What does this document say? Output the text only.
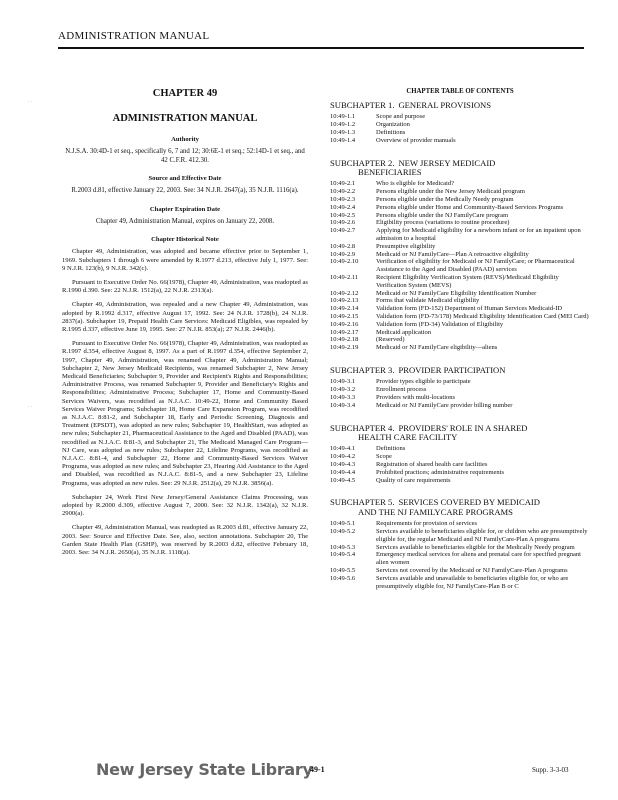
ADMINISTRATION MANUAL
· ·
· ·
CHAPTER 49
ADMINISTRATION MANUAL
Authority
N.J.S.A. 30:4D-1 et seq., specifically 6, 7 and 12; 30:6E-1 et seq.; 52:14D-1 et seq., and 42 C.F.R. 412.30.
Source and Effective Date
R.2003 d.81, effective January 22, 2003. See: 34 N.J.R. 2647(a), 35 N.J.R. 1116(a).
Chapter Expiration Date
Chapter 49, Administration Manual, expires on January 22, 2008.
Chapter Historical Note
Chapter 49, Administration, was adopted and became effective prior to September 1, 1969. Subchapters 1 through 6 were amended by R.1977 d.213, effective July 1, 1977. See: 9 N.J.R. 123(b), 9 N.J.R. 342(c).
Pursuant to Executive Order No. 66(1978), Chapter 49, Administration, was readopted as R.1990 d.390. See: 22 N.J.R. 1512(a), 22 N.J.R. 2313(a).
Chapter 49, Administration, was repealed and a new Chapter 49, Administration, was adopted by R.1992 d.317, effective August 17, 1992. See: 24 N.J.R. 1728(b), 24 N.J.R. 2837(a). Subchapter 19, Prepaid Health Care Services: Medicaid Eligibles, was repealed by R.1995 d.337, effective June 19, 1995. See: 27 N.J.R. 853(a); 27 N.J.R. 2446(b).
Pursuant to Executive Order No. 66(1978), Chapter 49, Administration, was readopted as R.1997 d.354, effective August 8, 1997. As a part of R.1997 d.354, effective September 2, 1997, Chapter 49, Administration, was renamed Chapter 49, Administration Manual; Subchapter 2, New Jersey Medicaid Recipients, was renamed Subchapter 2, New Jersey Medicaid Beneficiaries; Subchapter 9, Provider and Recipient's Rights and Responsibilities; Administrative Process, was renamed Subchapter 9, Provider and Beneficiary's Rights and Responsibilities; Administrative Process; Subchapter 17, Home and Community-Based Services Waivers, was recodified as N.J.A.C. 10:49-22, Home and Community Based Services Waiver Programs; Subchapter 18, Home Care Expansion Program, was recodified as N.J.A.C. 8:81-2, and Subchapter 18, Early and Periodic Screening, Diagnosis and Treatment (EPSDT), was adopted as new rules; Subchapter 19, HealthStart, was adopted as new rules; Subchapter 21, Pharmaceutical Assistance to the Aged and Disabled (PAAD), was recodified as N.J.A.C. 8:81-3, and Subchapter 21, The Medicaid Managed Care Program—NJ Care, was adopted as new rules; Subchapter 22, Lifeline Programs, was recodified as N.J.A.C. 8:81-4, and Subchapter 22, Home and Community-Based Services Waiver Programs, was adopted as new rules; and Subchapter 23, Hearing Aid Assistance to the Aged and Disabled, was recodified as N.J.A.C. 8:81-5, and a new Subchapter 23, Lifeline Programs, was adopted as new rules. See: 29 N.J.R. 2512(a), 29 N.J.R. 3856(a).
Subchapter 24, Work First New Jersey/General Assistance Claims Processing, was adopted by R.2000 d.309, effective August 7, 2000. See: 32 N.J.R. 1342(a), 32 N.J.R. 2900(a).
Chapter 49, Administration Manual, was readopted as R.2003 d.81, effective January 22, 2003. See: Source and Effective Date. See, also, section annotations. Subchapter 20, The Garden State Health Plan (GSHP), was reserved by R.2003 d.82, effective February 18, 2003. See: 34 N.J.R. 2650(a), 35 N.J.R. 1118(a).
CHAPTER TABLE OF CONTENTS
SUBCHAPTER 1. GENERAL PROVISIONS
10:49-1.1	Scope and purpose
10:49-1.2	Organization
10:49-1.3	Definitions
10:49-1.4	Overview of provider manuals
SUBCHAPTER 2. NEW JERSEY MEDICAID
BENEFICIARIES
10:49-2.1	Who is eligible for Medicaid?
10:49-2.2	Persons eligible under the New Jersey Medicaid program
10:49-2.3	Persons eligible under the Medically Needy program
10:49-2.4	Persons eligible under Home and Community-Based Services Programs
10:49-2.5	Persons eligible under the NJ FamilyCare program
10:49-2.6	Eligibility process (variations to routine procedure)
10:49-2.7	Applying for Medicaid eligibility for a newborn infant or for an inpatient upon admission to a hospital
10:49-2.8	Presumptive eligibility
10:49-2.9	Medicaid or NJ FamilyCare—Plan A retroactive eligibility
10:49-2.10	Verification of eligibility for Medicaid or NJ FamilyCare; or Pharmaceutical Assistance to the Aged and Disabled (PAAD) services
10:49-2.11	Recipient Eligibility Verification System (REVS)/Medicaid Eligibility Verification System (MEVS)
10:49-2.12	Medicaid or NJ FamilyCare Eligibility Identification Number
10:49-2.13	Forms that validate Medicaid eligibility
10:49-2.14	Validation form (FD-152) Department of Human Services Medicaid-ID
10:49-2.15	Validation form (FD-73/178) Medicaid Eligibility Identification Card (MEI Card)
10:49-2.16	Validation form (FD-34) Validation of Eligibility
10:49-2.17	Medicaid application
10:49-2.18	(Reserved)
10:49-2.19	Medicaid or NJ FamilyCare eligibility—aliens
SUBCHAPTER 3. PROVIDER PARTICIPATION
10:49-3.1	Provider types eligible to participate
10:49-3.2	Enrollment process
10:49-3.3	Providers with multi-locations
10:49-3.4	Medicaid or NJ FamilyCare provider billing number
SUBCHAPTER 4. PROVIDERS' ROLE IN A SHARED
HEALTH CARE FACILITY
10:49-4.1	Definitions
10:49-4.2	Scope
10:49-4.3	Registration of shared health care facilities
10:49-4.4	Prohibited practices; administrative requirements
10:49-4.5	Quality of care requirements
SUBCHAPTER 5. SERVICES COVERED BY MEDICAID
AND THE NJ FAMILYCARE PROGRAMS
10:49-5.1	Requirements for provision of services
10:49-5.2	Services available to beneficiaries eligible for, or children who are presumptively eligible for, the regular Medicaid and NJ FamilyCare-Plan A programs
10:49-5.3	Services available to beneficiaries eligible for the Medically Needy program
10:49-5.4	Emergency medical services for aliens and prenatal care for specified pregnant alien women
10:49-5.5	Services not covered by the Medicaid or NJ FamilyCare-Plan A programs
10:49-5.6	Services available and unavailable to beneficiaries eligible for, or who are presumptively eligible for, NJ FamilyCare-Plan B or C
New Jersey State Library
49-1	Supp. 3-3-03
